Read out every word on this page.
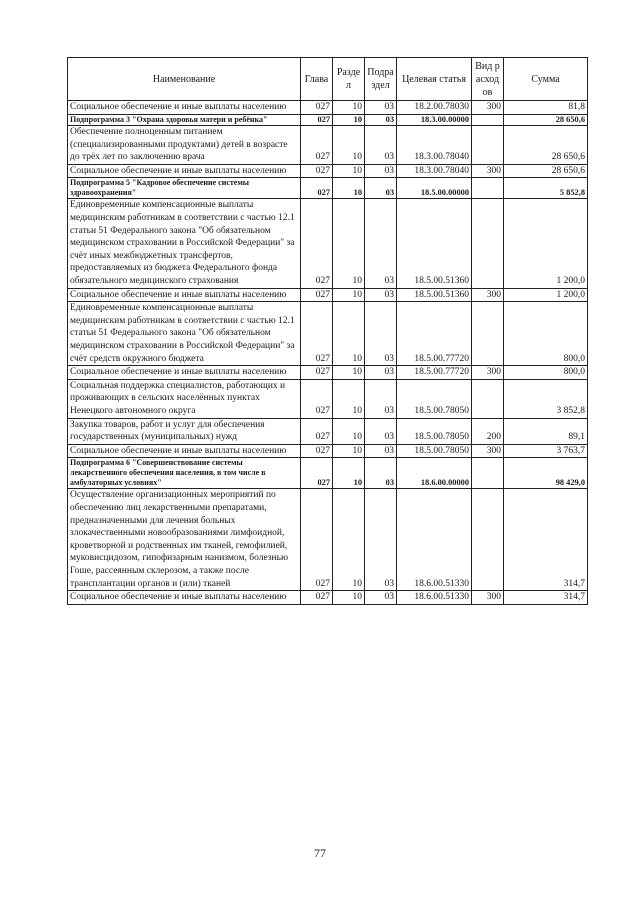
Наименование	Глава	Раздел	Подраздел	Целевая статья	Вид расходов	Сумма
Социальное обеспечение и иные выплаты населению	027	10	03	18.2.00.78030	300	81,8
Подпрограмма 3 "Охрана здоровья матери и ребёнка"	027	10	03	18.3.00.00000		28 650,6
Обеспечение полноценным питанием (специализированными продуктами) детей в возрасте до трёх лет по заключению врача	027	10	03	18.3.00.78040		28 650,6
Социальное обеспечение и иные выплаты населению	027	10	03	18.3.00.78040	300	28 650,6
Подпрограмма 5 "Кадровое обеспечение системы здравоохранения"	027	10	03	18.5.00.00000		5 852,8
Единовременные компенсационные выплаты медицинским работникам в соответствии с частью 12.1 статьи 51 Федерального закона "Об обязательном медицинском страховании в Российской Федерации" за счёт иных межбюджетных трансфертов, предоставляемых из бюджета Федерального фонда обязательного медицинского страхования	027	10	03	18.5.00.51360		1 200,0
Социальное обеспечение и иные выплаты населению	027	10	03	18.5.00.51360	300	1 200,0
Единовременные компенсационные выплаты медицинским работникам в соответствии с частью 12.1 статьи 51 Федерального закона "Об обязательном медицинском страховании в Российской Федерации" за счёт средств окружного бюджета	027	10	03	18.5.00.77720		800,0
Социальное обеспечение и иные выплаты населению	027	10	03	18.5.00.77720	300	800,0
Социальная поддержка специалистов, работающих и проживающих в сельских населённых пунктах Ненецкого автономного округа	027	10	03	18.5.00.78050		3 852,8
Закупка товаров, работ и услуг для обеспечения государственных (муниципальных) нужд	027	10	03	18.5.00.78050	200	89,1
Социальное обеспечение и иные выплаты населению	027	10	03	18.5.00.78050	300	3 763,7
Подпрограмма 6 "Совершенствование системы лекарственного обеспечения населения, в том числе в амбулаторных условиях"	027	10	03	18.6.00.00000		98 429,0
Осуществление организационных мероприятий по обеспечению лиц лекарственными препаратами, предназначенными для лечения больных злокачественными новообразованиями лимфоидной, кроветворной и родственных им тканей, гемофилией, муковисцидозом, гипофизарным нанизмом, болезнью Гоше, рассеянным склерозом, а также после трансплантации органов и (или) тканей	027	10	03	18.6.00.51330		314,7
Социальное обеспечение и иные выплаты населению	027	10	03	18.6.00.51330	300	314,7
77
